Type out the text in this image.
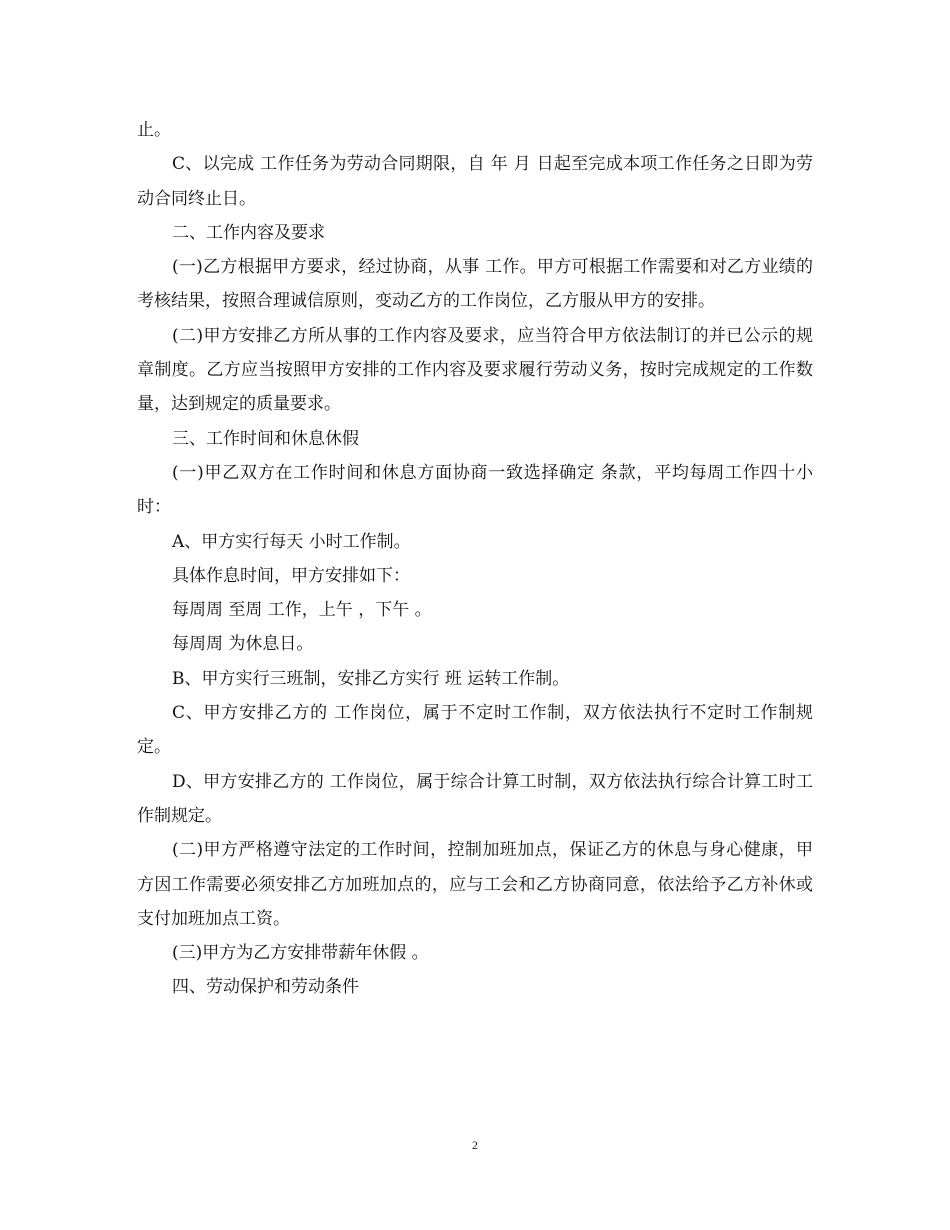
止。

C、以完成 工作任务为劳动合同期限，自 年 月 日起至完成本项工作任务之日即为劳动合同终止日。

二、工作内容及要求

(一)乙方根据甲方要求，经过协商，从事 工作。甲方可根据工作需要和对乙方业绩的考核结果，按照合理诚信原则，变动乙方的工作岗位，乙方服从甲方的安排。

(二)甲方安排乙方所从事的工作内容及要求，应当符合甲方依法制订的并已公示的规章制度。乙方应当按照甲方安排的工作内容及要求履行劳动义务，按时完成规定的工作数量，达到规定的质量要求。

三、工作时间和休息休假

(一)甲乙双方在工作时间和休息方面协商一致选择确定 条款，平均每周工作四十小时：

A、甲方实行每天 小时工作制。

具体作息时间，甲方安排如下：

每周周 至周 工作，上午 ，下午 。

每周周 为休息日。

B、甲方实行三班制，安排乙方实行 班 运转工作制。

C、甲方安排乙方的 工作岗位，属于不定时工作制，双方依法执行不定时工作制规定。

D、甲方安排乙方的 工作岗位，属于综合计算工时制，双方依法执行综合计算工时工作制规定。

(二)甲方严格遵守法定的工作时间，控制加班加点，保证乙方的休息与身心健康，甲方因工作需要必须安排乙方加班加点的，应与工会和乙方协商同意，依法给予乙方补休或支付加班加点工资。

(三)甲方为乙方安排带薪年休假 。

四、劳动保护和劳动条件

2
